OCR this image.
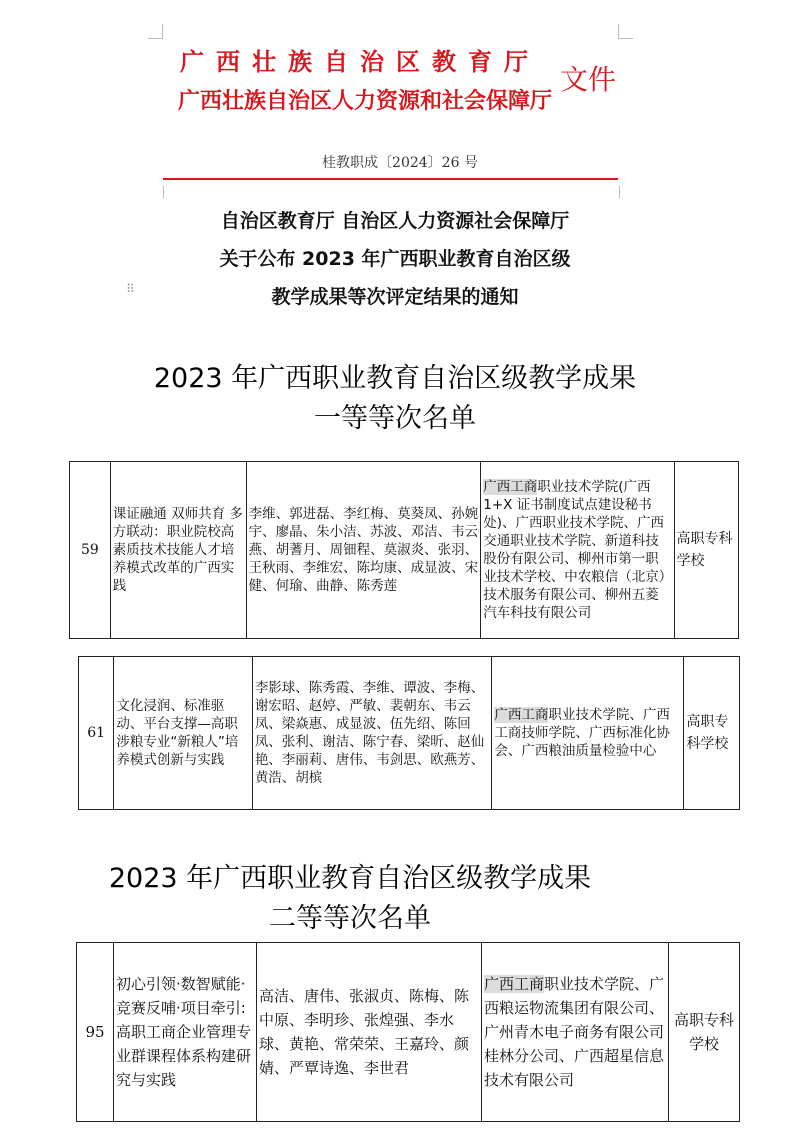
广西壮族自治区教育厅
广西壮族自治区人力资源和社会保障厅
文件
桂教职成〔2024〕26 号
自治区教育厅 自治区人力资源社会保障厅
关于公布 2023 年广西职业教育自治区级
⠿	教学成果等次评定结果的通知
2023 年广西职业教育自治区级教学成果
一等等次名单
59	课证融通 双师共育 多方联动：职业院校高素质技术技能人才培养模式改革的广西实践	李维、郭进磊、李红梅、莫葵凤、孙婉宇、廖晶、朱小洁、苏波、邓洁、韦云燕、胡蓍月、周钿程、莫淑炎、张羽、王秋雨、李维宏、陈均康、成显波、宋健、何瑜、曲静、陈秀莲	广西工商职业技术学院(广西 1+X 证书制度试点建设秘书处)、广西职业技术学院、广西交通职业技术学院、新道科技股份有限公司、柳州市第一职业技术学校、中农粮信（北京）技术服务有限公司、柳州五菱汽车科技有限公司	高职专科学校
61	文化浸润、标准驱动、平台支撑—高职涉粮专业“新粮人”培养模式创新与实践	李影球、陈秀霞、李维、谭波、李梅、谢宏昭、赵婷、严敏、裴朝东、韦云凤、梁焱惠、成显波、伍先绍、陈回凤、张利、谢洁、陈宁春、梁昕、赵仙艳、李丽莉、唐伟、韦剑思、欧燕芳、黄浩、胡槟	广西工商职业技术学院、广西工商技师学院、广西标准化协会、广西粮油质量检验中心	高职专科学校
2023 年广西职业教育自治区级教学成果
二等等次名单
95	初心引领·数智赋能·竞赛反哺·项目牵引:高职工商企业管理专业群课程体系构建研究与实践	高洁、唐伟、张淑贞、陈梅、陈中原、李明珍、张煌强、李水球、黄艳、常荣荣、王嘉玲、颜婧、严覃诗逸、李世君	广西工商职业技术学院、广西粮运物流集团有限公司、广州青木电子商务有限公司桂林分公司、广西超星信息技术有限公司	高职专科学校
